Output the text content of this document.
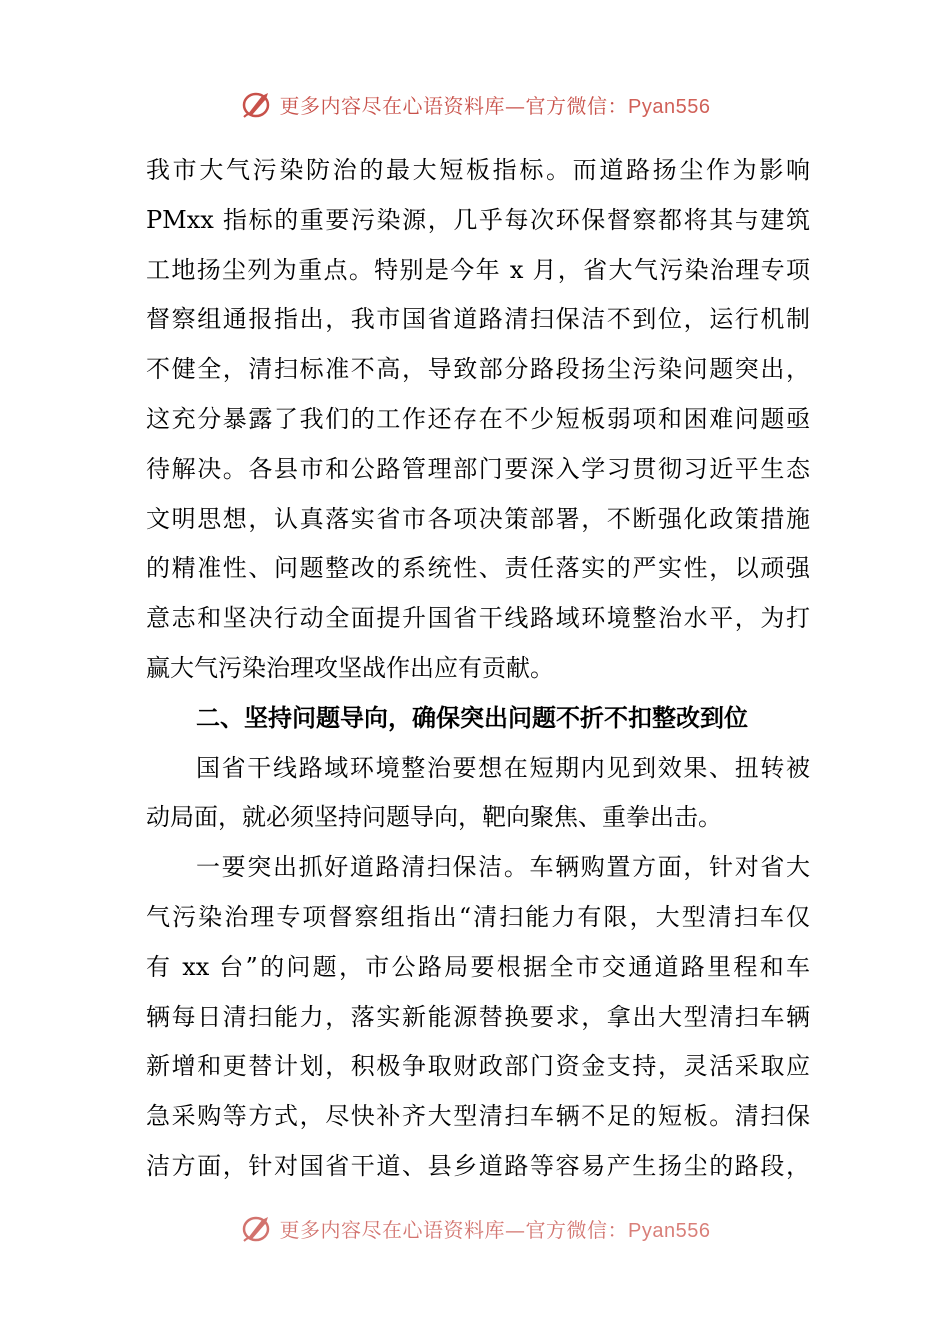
更多内容尽在心语资料库—官方微信：Pyan556
我市大气污染防治的最大短板指标。而道路扬尘作为影响
PMxx 指标的重要污染源，几乎每次环保督察都将其与建筑
工地扬尘列为重点。特别是今年 x 月，省大气污染治理专项
督察组通报指出，我市国省道路清扫保洁不到位，运行机制
不健全，清扫标准不高，导致部分路段扬尘污染问题突出，
这充分暴露了我们的工作还存在不少短板弱项和困难问题亟
待解决。各县市和公路管理部门要深入学习贯彻习近平生态
文明思想，认真落实省市各项决策部署，不断强化政策措施
的精准性、问题整改的系统性、责任落实的严实性，以顽强
意志和坚决行动全面提升国省干线路域环境整治水平，为打
赢大气污染治理攻坚战作出应有贡献。
二、坚持问题导向，确保突出问题不折不扣整改到位
国省干线路域环境整治要想在短期内见到效果、扭转被
动局面，就必须坚持问题导向，靶向聚焦、重拳出击。
一要突出抓好道路清扫保洁。车辆购置方面，针对省大
气污染治理专项督察组指出“清扫能力有限，大型清扫车仅
有 xx 台”的问题，市公路局要根据全市交通道路里程和车
辆每日清扫能力，落实新能源替换要求，拿出大型清扫车辆
新增和更替计划，积极争取财政部门资金支持，灵活采取应
急采购等方式，尽快补齐大型清扫车辆不足的短板。清扫保
洁方面，针对国省干道、县乡道路等容易产生扬尘的路段，
更多内容尽在心语资料库—官方微信：Pyan556
